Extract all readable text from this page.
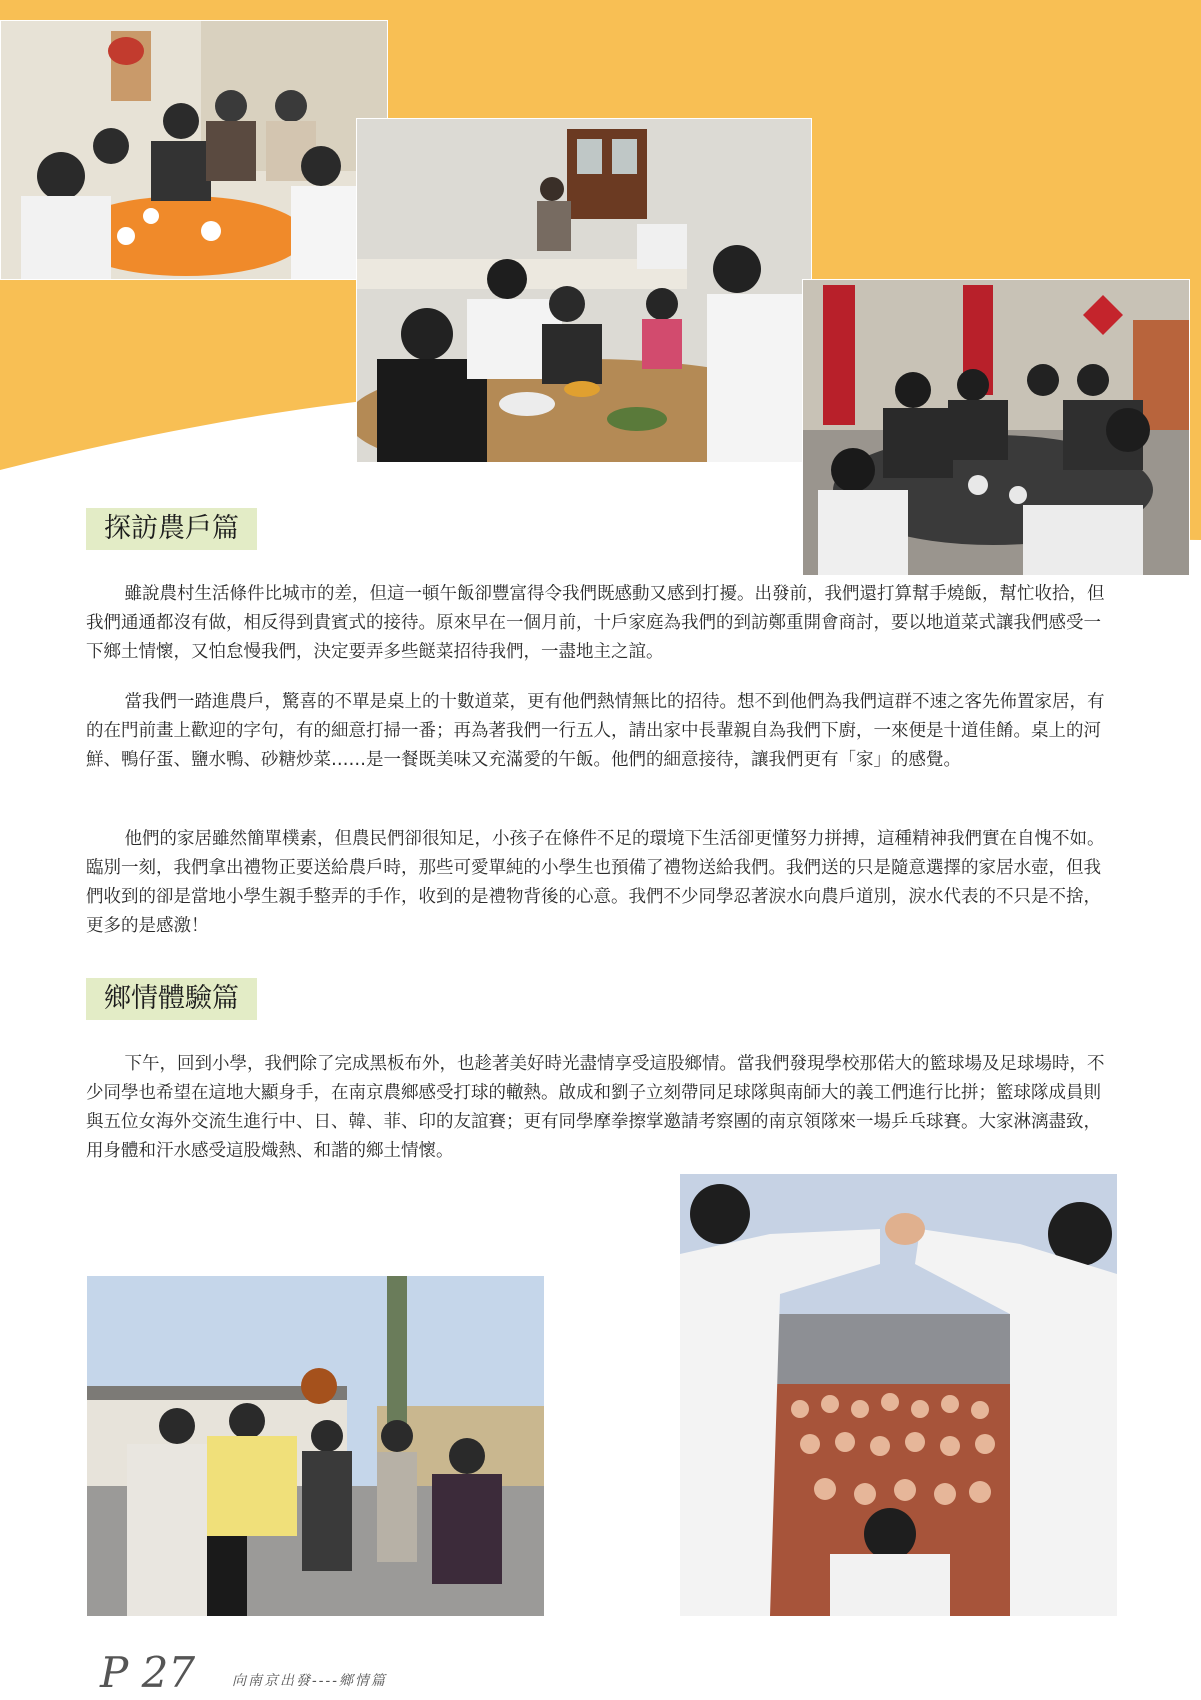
探訪農戶篇

雖說農村生活條件比城市的差，但這一頓午飯卻豐富得令我們既感動又感到打擾。出發前，我們還打算幫手燒飯，幫忙收拾，但我們通通都沒有做，相反得到貴賓式的接待。原來早在一個月前，十戶家庭為我們的到訪鄭重開會商討，要以地道菜式讓我們感受一下鄉土情懷，又怕怠慢我們，決定要弄多些餸菜招待我們，一盡地主之誼。

當我們一踏進農戶，驚喜的不單是桌上的十數道菜，更有他們熱情無比的招待。想不到他們為我們這群不速之客先佈置家居，有的在門前畫上歡迎的字句，有的細意打掃一番；再為著我們一行五人，請出家中長輩親自為我們下廚，一來便是十道佳餚。桌上的河鮮、鴨仔蛋、鹽水鴨、砂糖炒菜……是一餐既美味又充滿愛的午飯。他們的細意接待，讓我們更有「家」的感覺。

他們的家居雖然簡單樸素，但農民們卻很知足，小孩子在條件不足的環境下生活卻更懂努力拼搏，這種精神我們實在自愧不如。臨別一刻，我們拿出禮物正要送給農戶時，那些可愛單純的小學生也預備了禮物送給我們。我們送的只是隨意選擇的家居水壺，但我們收到的卻是當地小學生親手整弄的手作，收到的是禮物背後的心意。我們不少同學忍著淚水向農戶道別，淚水代表的不只是不捨，更多的是感激！

鄉情體驗篇

下午，回到小學，我們除了完成黑板布外，也趁著美好時光盡情享受這股鄉情。當我們發現學校那偌大的籃球場及足球場時，不少同學也希望在這地大顯身手，在南京農鄉感受打球的轍熱。啟成和劉子立刻帶同足球隊與南師大的義工們進行比拼；籃球隊成員則與五位女海外交流生進行中、日、韓、菲、印的友誼賽；更有同學摩拳擦掌邀請考察團的南京領隊來一場乒乓球賽。大家淋漓盡致，用身體和汗水感受這股熾熱、和諧的鄉土情懷。

P 27	向南京出發----鄉情篇
